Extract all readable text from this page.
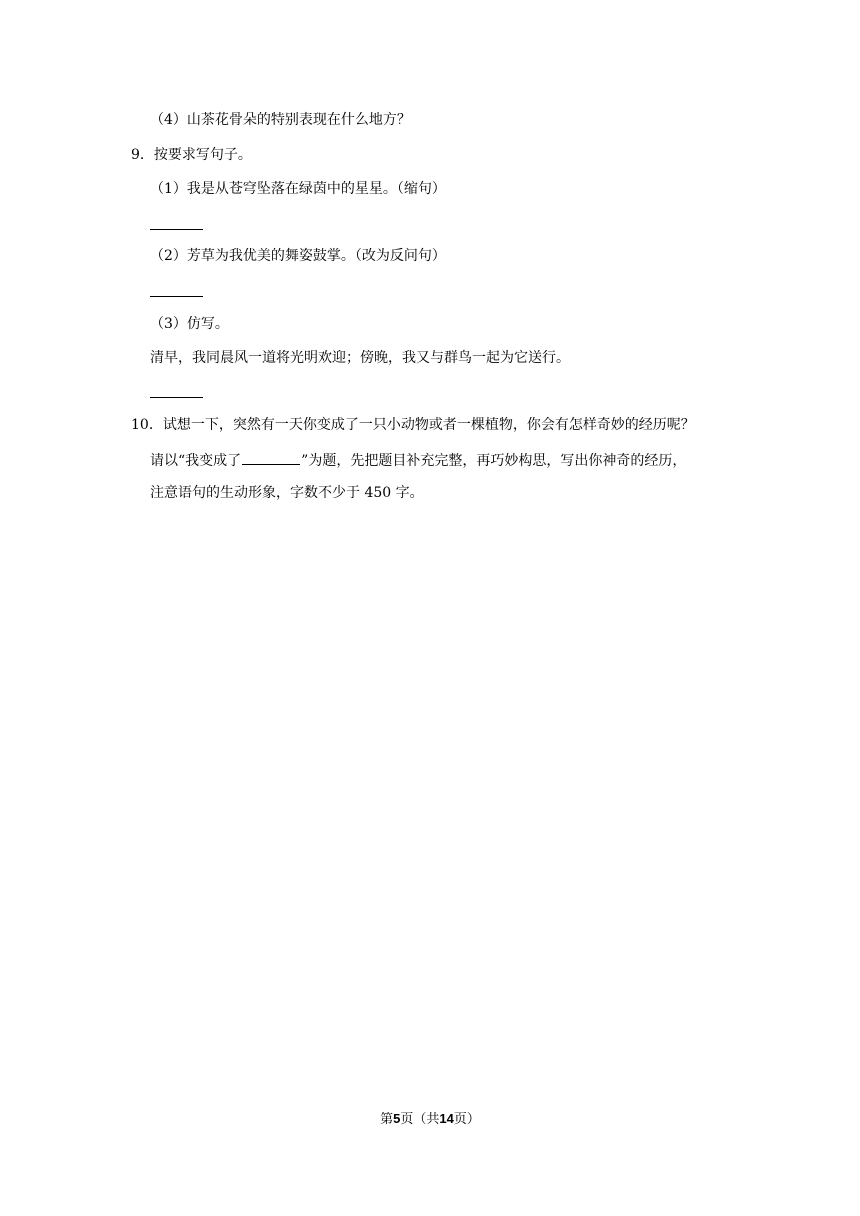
（4）山茶花骨朵的特别表现在什么地方？
9．按要求写句子。
（1）我是从苍穹坠落在绿茵中的星星。（缩句）
（2）芳草为我优美的舞姿鼓掌。（改为反问句）
（3）仿写。
清早，我同晨风一道将光明欢迎；傍晚，我又与群鸟一起为它送行。
10．试想一下，突然有一天你变成了一只小动物或者一棵植物，你会有怎样奇妙的经历呢？
请以“我变成了	”为题，先把题目补充完整，再巧妙构思，写出你神奇的经历，
注意语句的生动形象，字数不少于 450 字。
第5页（共14页）
